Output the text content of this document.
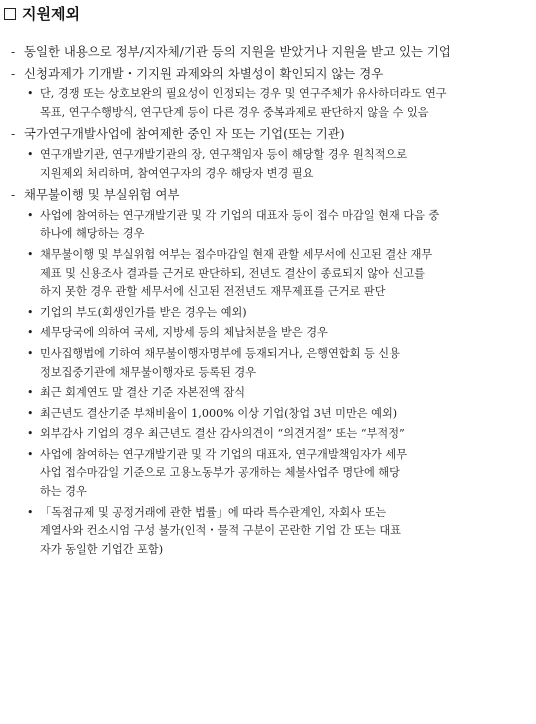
지원제외
- 동일한 내용으로 정부/지자체/기관 등의 지원을 받았거나 지원을 받고 있는 기업
- 신청과제가 기개발・기지원 과제와의 차별성이 확인되지 않는 경우
• 단, 경쟁 또는 상호보완의 필요성이 인정되는 경우 및 연구주체가 유사하더라도 연구
목표, 연구수행방식, 연구단계 등이 다른 경우 중복과제로 판단하지 않을 수 있음
- 국가연구개발사업에 참여제한 중인 자 또는 기업(또는 기관)
• 연구개발기관, 연구개발기관의 장, 연구책임자 등이 해당할 경우 원칙적으로
지원제외 처리하며, 참여연구자의 경우 해당자 변경 필요
- 채무불이행 및 부실위험 여부
• 사업에 참여하는 연구개발기관 및 각 기업의 대표자 등이 접수 마감일 현재 다음 중
하나에 해당하는 경우
• 채무불이행 및 부실위험 여부는 접수마감일 현재 관할 세무서에 신고된 결산 재무
제표 및 신용조사 결과를 근거로 판단하되, 전년도 결산이 종료되지 않아 신고를
하지 못한 경우 관할 세무서에 신고된 전전년도 재무제표를 근거로 판단
• 기업의 부도(회생인가를 받은 경우는 예외)
• 세무당국에 의하여 국세, 지방세 등의 체납처분을 받은 경우
• 민사집행법에 기하여 채무불이행자명부에 등재되거나, 은행연합회 등 신용
정보집중기관에 채무불이행자로 등록된 경우
• 최근 회계연도 말 결산 기준 자본전액 잠식
• 최근년도 결산기준 부채비율이 1,000% 이상 기업(창업 3년 미만은 예외)
• 외부감사 기업의 경우 최근년도 결산 감사의견이 “의견거절” 또는 “부적정”
• 사업에 참여하는 연구개발기관 및 각 기업의 대표자, 연구개발책임자가 세무
사업 접수마감일 기준으로 고용노동부가 공개하는 체불사업주 명단에 해당
하는 경우
• 「독점규제 및 공정거래에 관한 법률」에 따라 특수관계인, 자회사 또는
계열사와 컨소시엄 구성 불가(인적・물적 구분이 곤란한 기업 간 또는 대표
자가 동일한 기업간 포함)
